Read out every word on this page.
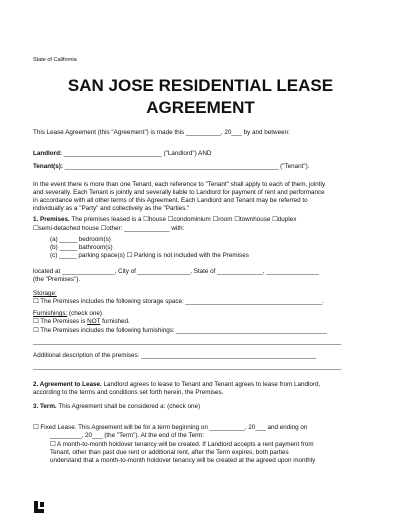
State of California
SAN JOSE RESIDENTIAL LEASE
AGREEMENT
This Lease Agreement (this "Agreement") is made this __________, 20___ by and between:
Landlord: ____________________________ ("Landlord") AND
Tenant(s): _____________________________________________________________ ("Tenant").
In the event there is more than one Tenant, each reference to "Tenant" shall apply to each of them, jointly
and severally. Each Tenant is jointly and severally liable to Landlord for payment of rent and performance
in accordance with all other terms of this Agreement. Each Landlord and Tenant may be referred to
individually as a "Party" and collectively as the "Parties."
1. Premises. The premises leased is a ☐house ☐condominium ☐room ☐townhouse ☐duplex
☐semi-detached house ☐other: _____________ with:
(a) _____ bedroom(s)
(b) _____ bathroom(s)
(c) _____ parking space(s) ☐ Parking is not included with the Premises
located at _______________, City of _______________, State of _____________, _______________
(the "Premises").
Storage:
☐ The Premises includes the following storage space: _______________________________________.
Furnishings: (check one)
☐ The Premises is NOT furnished.
☐ The Premises includes the following furnishings: ___________________________________________
________________________________________________________________________________________
Additional description of the premises: __________________________________________________
________________________________________________________________________________________
2. Agreement to Lease. Landlord agrees to lease to Tenant and Tenant agrees to lease from Landlord,
according to the terms and conditions set forth herein, the Premises.
3. Term. This Agreement shall be considered a: (check one)
☐ Fixed Lease. This Agreement will be for a term beginning on __________, 20___ and ending on
_________, 20___ (the "Term"). At the end of the Term:
☐ A month-to-month holdover tenancy will be created. If Landlord accepts a rent payment from
Tenant, other than past due rent or additional rent, after the Term expires, both parties
understand that a month-to-month holdover tenancy will be created at the agreed upon monthly
